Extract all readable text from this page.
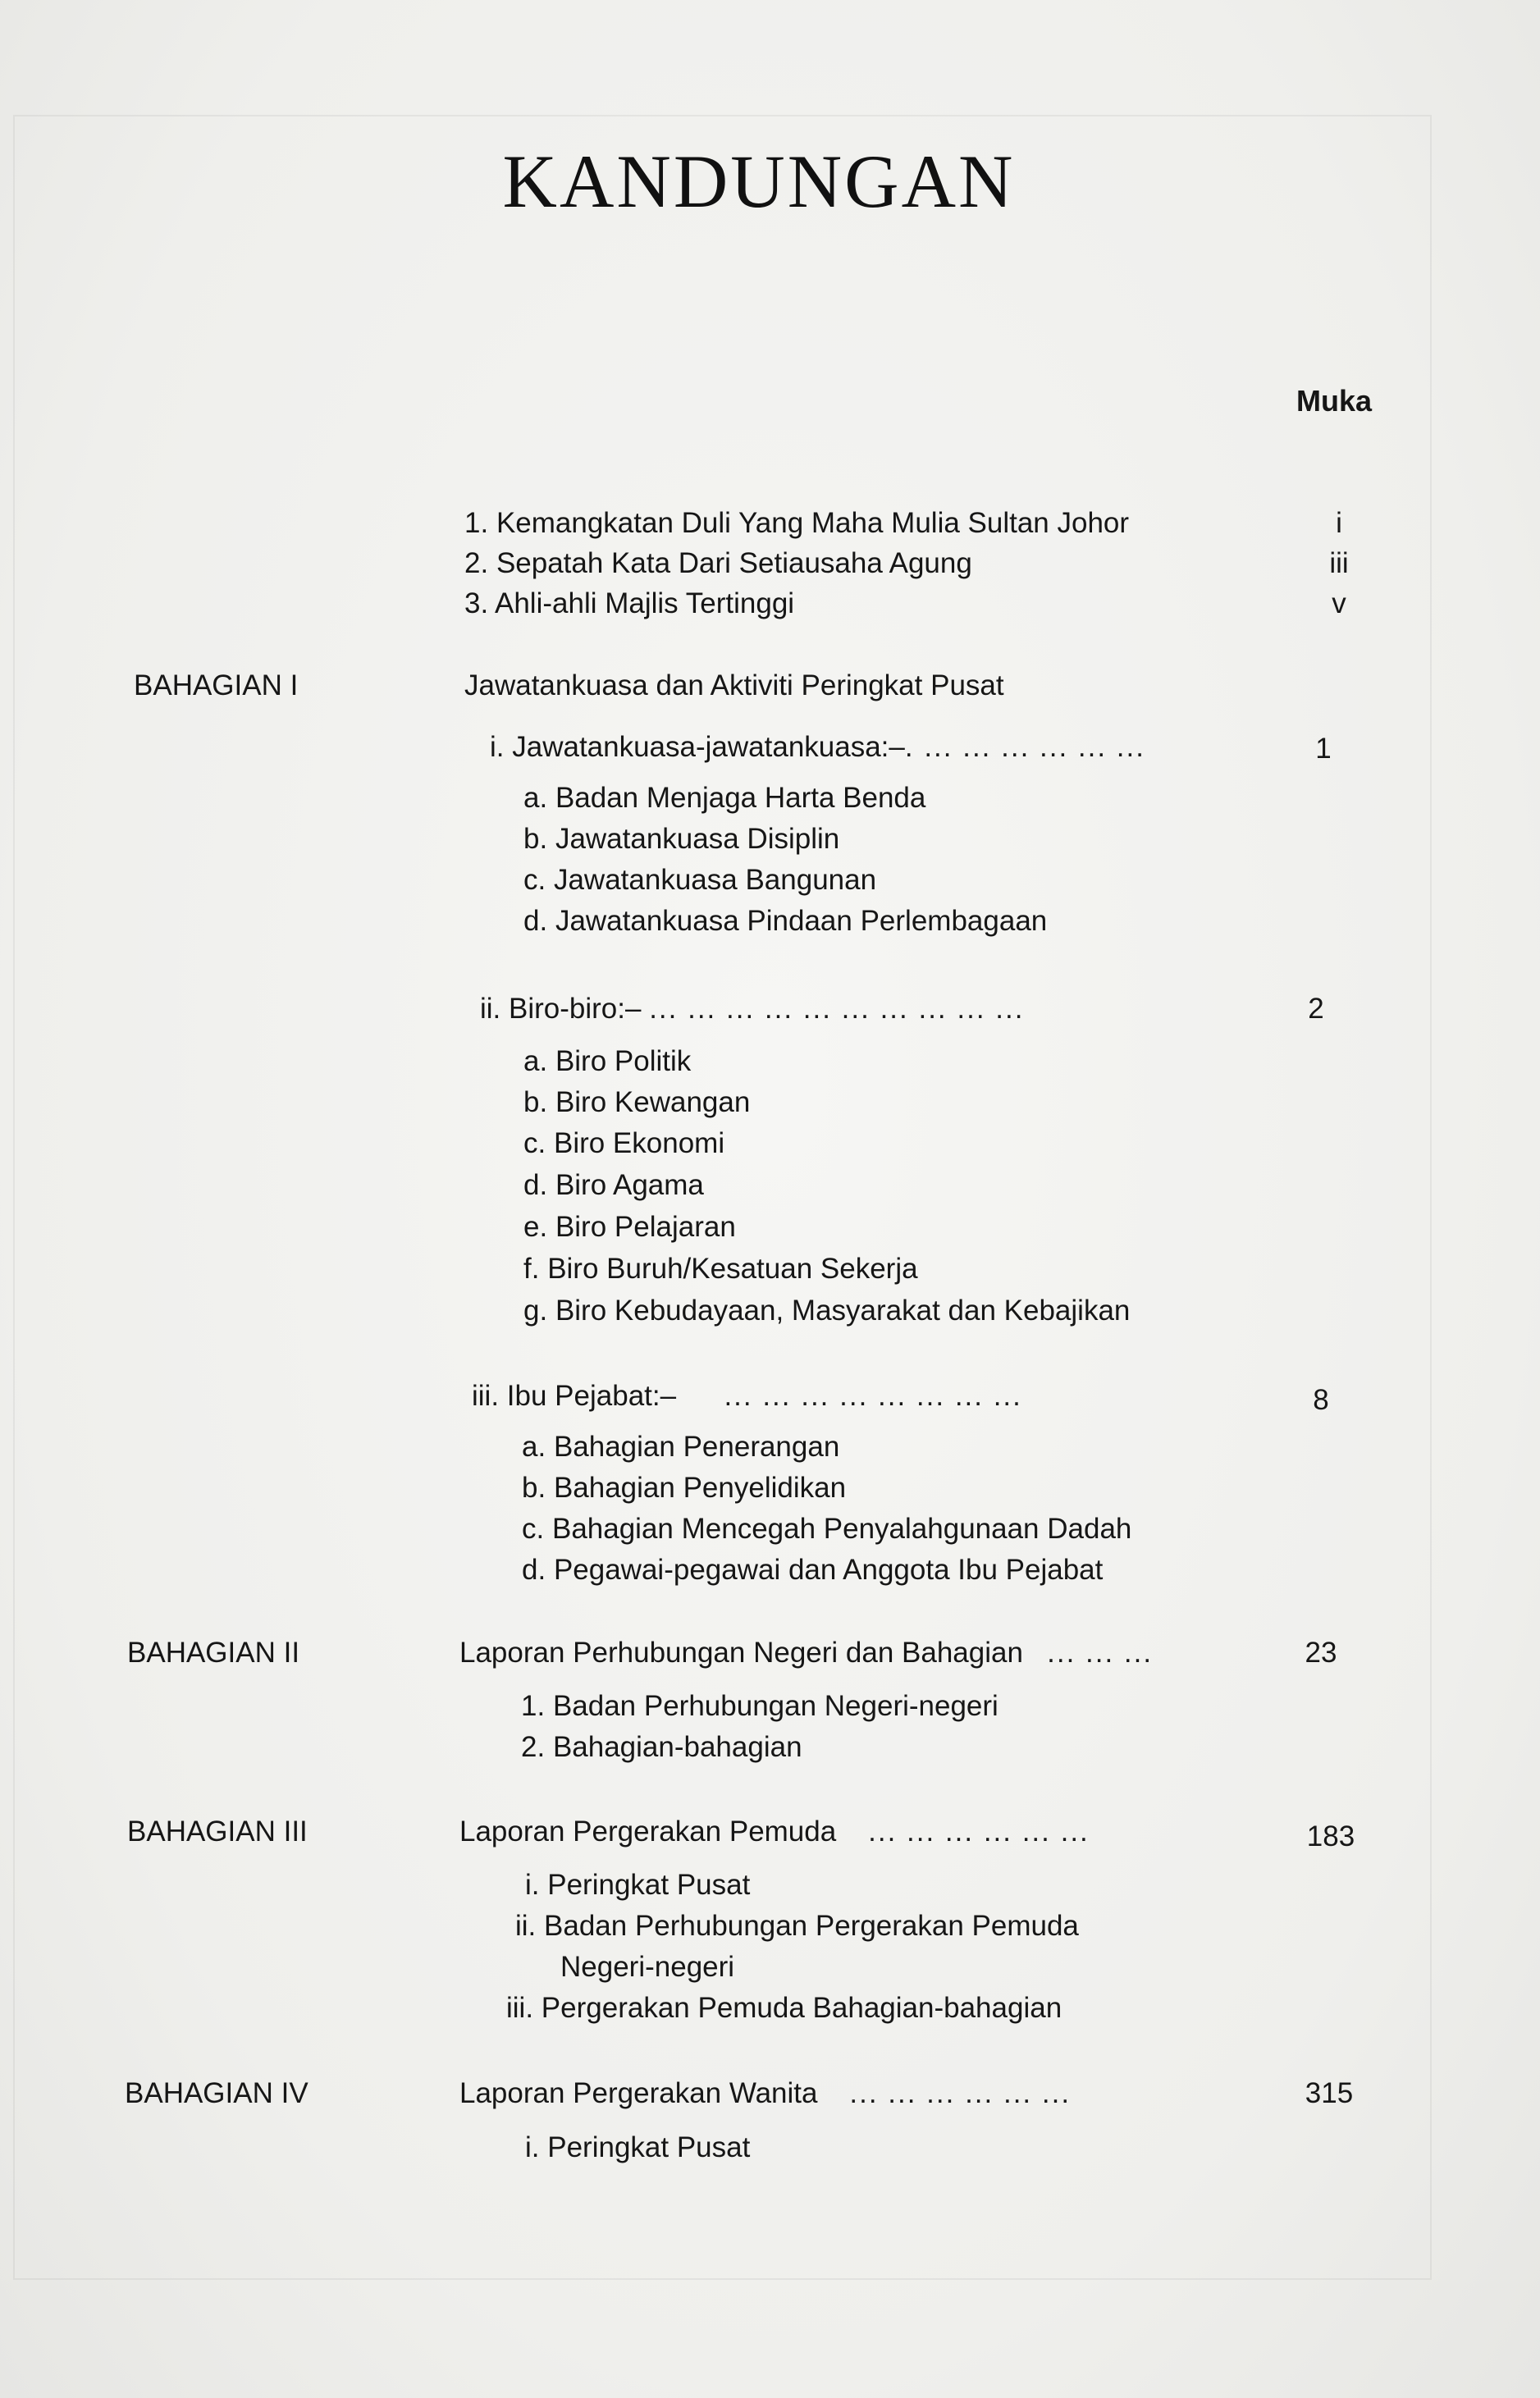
KANDUNGAN
Muka
1. Kemangkatan Duli Yang Maha Mulia Sultan Johor	i
2. Sepatah Kata Dari Setiausaha Agung	iii
3. Ahli-ahli Majlis Tertinggi	v
BAHAGIAN I	Jawatankuasa dan Aktiviti Peringkat Pusat
i. Jawatankuasa-jawatankuasa:–. ... ... ... ... ... ...	1
a. Badan Menjaga Harta Benda
b. Jawatankuasa Disiplin
c. Jawatankuasa Bangunan
d. Jawatankuasa Pindaan Perlembagaan
ii. Biro-biro:– ... ... ... ... ... ... ... ... ... ...	2
a. Biro Politik
b. Biro Kewangan
c. Biro Ekonomi
d. Biro Agama
e. Biro Pelajaran
f. Biro Buruh/Kesatuan Sekerja
g. Biro Kebudayaan, Masyarakat dan Kebajikan
iii. Ibu Pejabat:– ... ... ... ... ... ... ... ...	8
a. Bahagian Penerangan
b. Bahagian Penyelidikan
c. Bahagian Mencegah Penyalahgunaan Dadah
d. Pegawai-pegawai dan Anggota Ibu Pejabat
BAHAGIAN II	Laporan Perhubungan Negeri dan Bahagian ... ... ...	23
1. Badan Perhubungan Negeri-negeri
2. Bahagian-bahagian
BAHAGIAN III	Laporan Pergerakan Pemuda ... ... ... ... ... ...	183
i. Peringkat Pusat
ii. Badan Perhubungan Pergerakan Pemuda
Negeri-negeri
iii. Pergerakan Pemuda Bahagian-bahagian
BAHAGIAN IV	Laporan Pergerakan Wanita ... ... ... ... ... ...	315
i. Peringkat Pusat
